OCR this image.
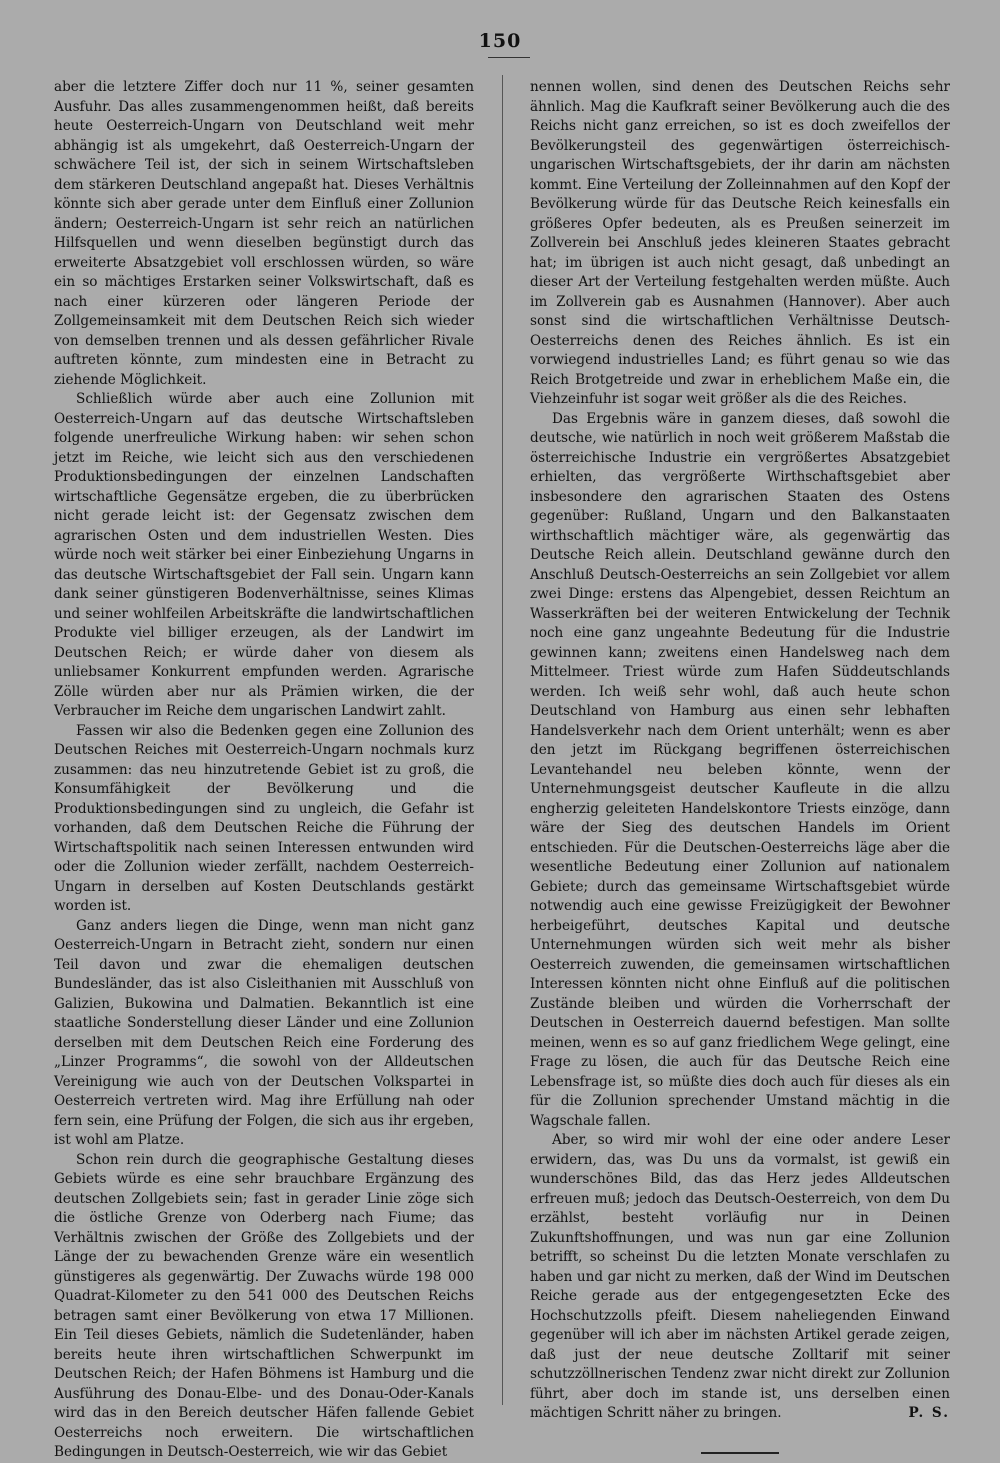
150

aber die letztere Ziffer doch nur 11 %, seiner gesamten Ausfuhr. Das alles zusammengenommen heißt, daß bereits heute Oesterreich-Ungarn von Deutschland weit mehr abhängig ist als umgekehrt, daß Oesterreich-Ungarn der schwächere Teil ist, der sich in seinem Wirtschaftsleben dem stärkeren Deutschland angepaßt hat. Dieses Verhältnis könnte sich aber gerade unter dem Einfluß einer Zollunion ändern; Oesterreich-Ungarn ist sehr reich an natürlichen Hilfsquellen und wenn dieselben begünstigt durch das erweiterte Absatzgebiet voll erschlossen würden, so wäre ein so mächtiges Erstarken seiner Volkswirtschaft, daß es nach einer kürzeren oder längeren Periode der Zollgemeinsamkeit mit dem Deutschen Reich sich wieder von demselben trennen und als dessen gefährlicher Rivale auftreten könnte, zum mindesten eine in Betracht zu ziehende Möglichkeit.

Schließlich würde aber auch eine Zollunion mit Oesterreich-Ungarn auf das deutsche Wirtschaftsleben folgende unerfreuliche Wirkung haben: wir sehen schon jetzt im Reiche, wie leicht sich aus den verschiedenen Produktionsbedingungen der einzelnen Landschaften wirtschaftliche Gegensätze ergeben, die zu überbrücken nicht gerade leicht ist: der Gegensatz zwischen dem agrarischen Osten und dem industriellen Westen. Dies würde noch weit stärker bei einer Einbeziehung Ungarns in das deutsche Wirtschaftsgebiet der Fall sein. Ungarn kann dank seiner günstigeren Bodenverhältnisse, seines Klimas und seiner wohlfeilen Arbeitskräfte die landwirtschaftlichen Produkte viel billiger erzeugen, als der Landwirt im Deutschen Reich; er würde daher von diesem als unliebsamer Konkurrent empfunden werden. Agrarische Zölle würden aber nur als Prämien wirken, die der Verbraucher im Reiche dem ungarischen Landwirt zahlt.

Fassen wir also die Bedenken gegen eine Zollunion des Deutschen Reiches mit Oesterreich-Ungarn nochmals kurz zusammen: das neu hinzutretende Gebiet ist zu groß, die Konsumfähigkeit der Bevölkerung und die Produktionsbedingungen sind zu ungleich, die Gefahr ist vorhanden, daß dem Deutschen Reiche die Führung der Wirtschaftspolitik nach seinen Interessen entwunden wird oder die Zollunion wieder zerfällt, nachdem Oesterreich-Ungarn in derselben auf Kosten Deutschlands gestärkt worden ist.

Ganz anders liegen die Dinge, wenn man nicht ganz Oesterreich-Ungarn in Betracht zieht, sondern nur einen Teil davon und zwar die ehemaligen deutschen Bundesländer, das ist also Cisleithanien mit Ausschluß von Galizien, Bukowina und Dalmatien. Bekanntlich ist eine staatliche Sonderstellung dieser Länder und eine Zollunion derselben mit dem Deutschen Reich eine Forderung des „Linzer Programms“, die sowohl von der Alldeutschen Vereinigung wie auch von der Deutschen Volkspartei in Oesterreich vertreten wird. Mag ihre Erfüllung nah oder fern sein, eine Prüfung der Folgen, die sich aus ihr ergeben, ist wohl am Platze.

Schon rein durch die geographische Gestaltung dieses Gebiets würde es eine sehr brauchbare Ergänzung des deutschen Zollgebiets sein; fast in gerader Linie zöge sich die östliche Grenze von Oderberg nach Fiume; das Verhältnis zwischen der Größe des Zollgebiets und der Länge der zu bewachenden Grenze wäre ein wesentlich günstigeres als gegenwärtig. Der Zuwachs würde 198 000 Quadrat-Kilometer zu den 541 000 des Deutschen Reichs betragen samt einer Bevölkerung von etwa 17 Millionen. Ein Teil dieses Gebiets, nämlich die Sudetenländer, haben bereits heute ihren wirtschaftlichen Schwerpunkt im Deutschen Reich; der Hafen Böhmens ist Hamburg und die Ausführung des Donau-Elbe- und des Donau-Oder-Kanals wird das in den Bereich deutscher Häfen fallende Gebiet Oesterreichs noch erweitern. Die wirtschaftlichen Bedingungen in Deutsch-Oesterreich, wie wir das Gebiet

nennen wollen, sind denen des Deutschen Reichs sehr ähnlich. Mag die Kaufkraft seiner Bevölkerung auch die des Reichs nicht ganz erreichen, so ist es doch zweifellos der Bevölkerungsteil des gegenwärtigen österreichisch-ungarischen Wirtschaftsgebiets, der ihr darin am nächsten kommt. Eine Verteilung der Zolleinnahmen auf den Kopf der Bevölkerung würde für das Deutsche Reich keinesfalls ein größeres Opfer bedeuten, als es Preußen seinerzeit im Zollverein bei Anschluß jedes kleineren Staates gebracht hat; im übrigen ist auch nicht gesagt, daß unbedingt an dieser Art der Verteilung festgehalten werden müßte. Auch im Zollverein gab es Ausnahmen (Hannover). Aber auch sonst sind die wirtschaftlichen Verhältnisse Deutsch-Oesterreichs denen des Reiches ähnlich. Es ist ein vorwiegend industrielles Land; es führt genau so wie das Reich Brotgetreide und zwar in erheblichem Maße ein, die Viehzeinfuhr ist sogar weit größer als die des Reiches.

Das Ergebnis wäre in ganzem dieses, daß sowohl die deutsche, wie natürlich in noch weit größerem Maßstab die österreichische Industrie ein vergrößertes Absatzgebiet erhielten, das vergrößerte Wirthschaftsgebiet aber insbesondere den agrarischen Staaten des Ostens gegenüber: Rußland, Ungarn und den Balkanstaaten wirthschaftlich mächtiger wäre, als gegenwärtig das Deutsche Reich allein. Deutschland gewänne durch den Anschluß Deutsch-Oesterreichs an sein Zollgebiet vor allem zwei Dinge: erstens das Alpengebiet, dessen Reichtum an Wasserkräften bei der weiteren Entwickelung der Technik noch eine ganz ungeahnte Bedeutung für die Industrie gewinnen kann; zweitens einen Handelsweg nach dem Mittelmeer. Triest würde zum Hafen Süddeutschlands werden. Ich weiß sehr wohl, daß auch heute schon Deutschland von Hamburg aus einen sehr lebhaften Handelsverkehr nach dem Orient unterhält; wenn es aber den jetzt im Rückgang begriffenen österreichischen Levantehandel neu beleben könnte, wenn der Unternehmungsgeist deutscher Kaufleute in die allzu engherzig geleiteten Handelskontore Triests einzöge, dann wäre der Sieg des deutschen Handels im Orient entschieden. Für die Deutschen-Oesterreichs läge aber die wesentliche Bedeutung einer Zollunion auf nationalem Gebiete; durch das gemeinsame Wirtschaftsgebiet würde notwendig auch eine gewisse Freizügigkeit der Bewohner herbeigeführt, deutsches Kapital und deutsche Unternehmungen würden sich weit mehr als bisher Oesterreich zuwenden, die gemeinsamen wirtschaftlichen Interessen könnten nicht ohne Einfluß auf die politischen Zustände bleiben und würden die Vorherrschaft der Deutschen in Oesterreich dauernd befestigen. Man sollte meinen, wenn es so auf ganz friedlichem Wege gelingt, eine Frage zu lösen, die auch für das Deutsche Reich eine Lebensfrage ist, so müßte dies doch auch für dieses als ein für die Zollunion sprechender Umstand mächtig in die Wagschale fallen.

Aber, so wird mir wohl der eine oder andere Leser erwidern, das, was Du uns da vormalst, ist gewiß ein wunderschönes Bild, das das Herz jedes Alldeutschen erfreuen muß; jedoch das Deutsch-Oesterreich, von dem Du erzählst, besteht vorläufig nur in Deinen Zukunftshoffnungen, und was nun gar eine Zollunion betrifft, so scheinst Du die letzten Monate verschlafen zu haben und gar nicht zu merken, daß der Wind im Deutschen Reiche gerade aus der entgegengesetzten Ecke des Hochschutzzolls pfeift. Diesem naheliegenden Einwand gegenüber will ich aber im nächsten Artikel gerade zeigen, daß just der neue deutsche Zolltarif mit seiner schutzzöllnerischen Tendenz zwar nicht direkt zur Zollunion führt, aber doch im stande ist, uns derselben einen mächtigen Schritt näher zu bringen.	P. S.
